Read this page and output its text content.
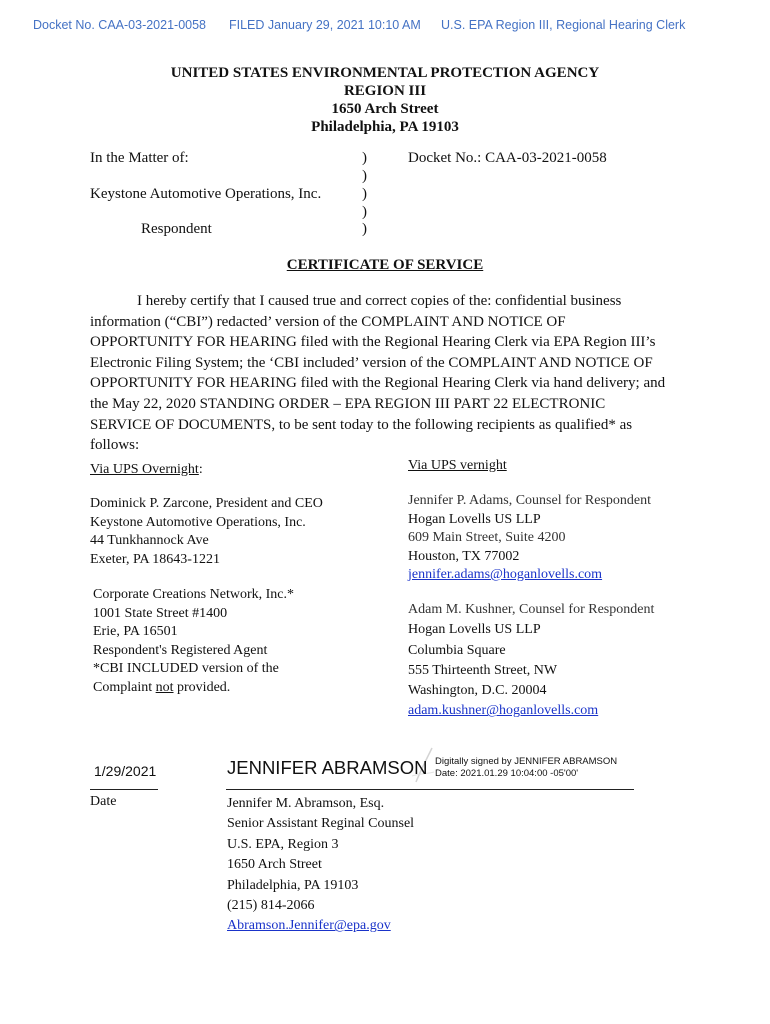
Docket No. CAA-03-2021-0058 FILED January 29, 2021 10:10 AM U.S. EPA Region III, Regional Hearing Clerk
UNITED STATES ENVIRONMENTAL PROTECTION AGENCY
REGION III
1650 Arch Street
Philadelphia, PA 19103
In the Matter of:
Keystone Automotive Operations, Inc.
Respondent
)
)
)
)
)
Docket No.: CAA-03-2021-0058
CERTIFICATE OF SERVICE
I hereby certify that I caused true and correct copies of the: confidential business
information (“CBI”) redacted’ version of the COMPLAINT AND NOTICE OF
OPPORTUNITY FOR HEARING filed with the Regional Hearing Clerk via EPA Region III’s
Electronic Filing System; the ‘CBI included’ version of the COMPLAINT AND NOTICE OF
OPPORTUNITY FOR HEARING filed with the Regional Hearing Clerk via hand delivery; and
the May 22, 2020 STANDING ORDER – EPA REGION III PART 22 ELECTRONIC
SERVICE OF DOCUMENTS, to be sent today to the following recipients as qualified* as
follows:
Via UPS Overnight:
Dominick P. Zarcone, President and CEO
Keystone Automotive Operations, Inc.
44 Tunkhannock Ave
Exeter, PA 18643-1221
Corporate Creations Network, Inc.*
1001 State Street #1400
Erie, PA 16501
Respondent's Registered Agent
*CBI INCLUDED version of the
Complaint not provided.
Via UPS vernight
Jennifer P. Adams, Counsel for Respondent
Hogan Lovells US LLP
609 Main Street, Suite 4200
Houston, TX 77002
jennifer.adams@hoganlovells.com
Adam M. Kushner, Counsel for Respondent
Hogan Lovells US LLP
Columbia Square
555 Thirteenth Street, NW
Washington, D.C. 20004
adam.kushner@hoganlovells.com
1/29/2021
Date
JENNIFER ABRAMSON Digitally signed by JENNIFER ABRAMSON
Date: 2021.01.29 10:04:00 -05'00'
Jennifer M. Abramson, Esq.
Senior Assistant Reginal Counsel
U.S. EPA, Region 3
1650 Arch Street
Philadelphia, PA 19103
(215) 814-2066
Abramson.Jennifer@epa.gov
